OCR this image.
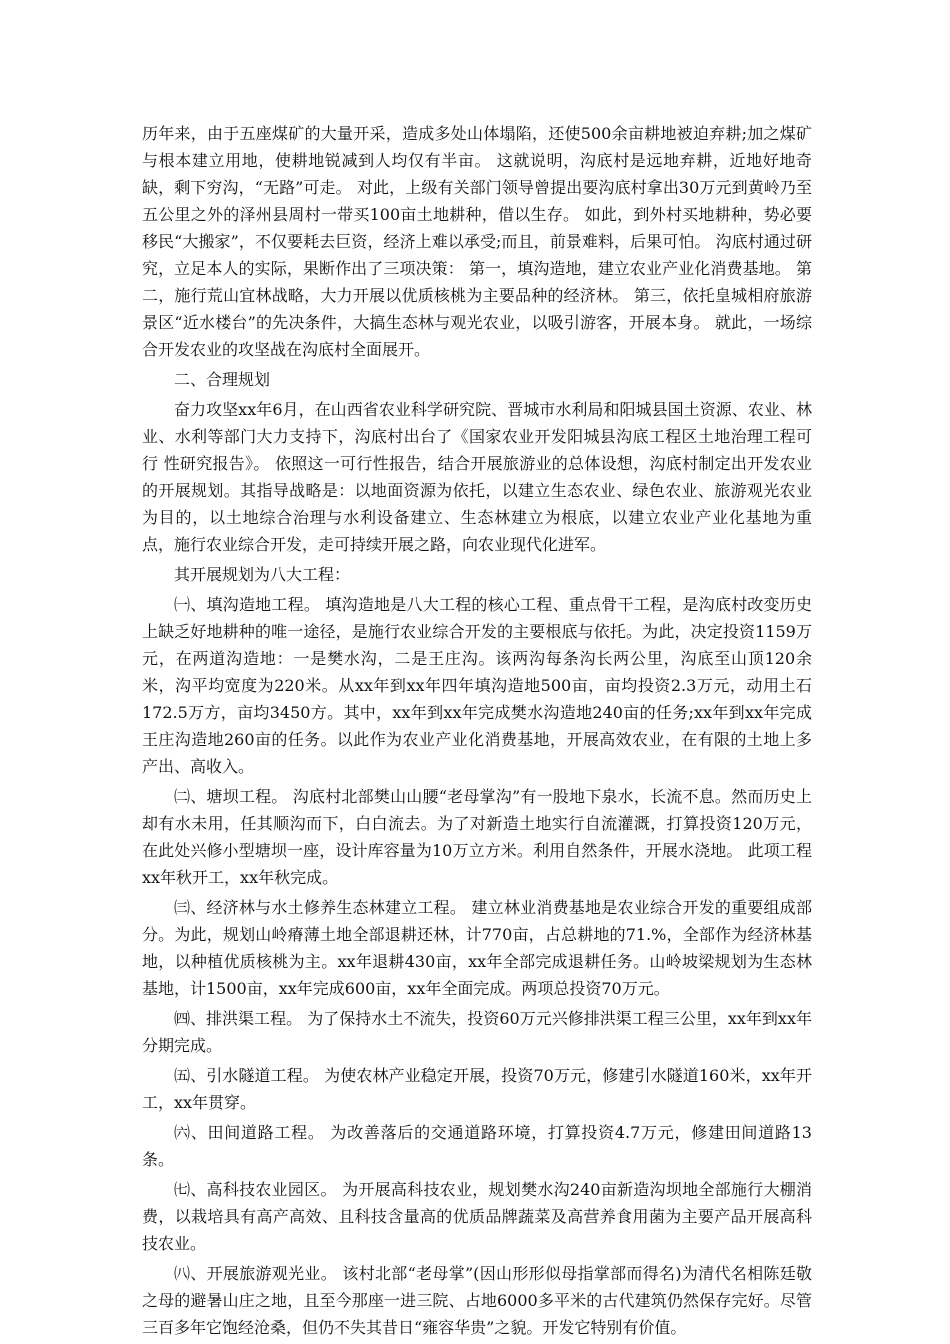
历年来，由于五座煤矿的大量开采，造成多处山体塌陷，还使500余亩耕地被迫弃耕;加之煤矿与根本建立用地，使耕地锐减到人均仅有半亩。 这就说明，沟底村是远地弃耕，近地好地奇缺，剩下穷沟，“无路”可走。 对此，上级有关部门领导曾提出要沟底村拿出30万元到黄岭乃至五公里之外的泽州县周村一带买100亩土地耕种，借以生存。 如此，到外村买地耕种，势必要移民“大搬家”，不仅要耗去巨资，经济上难以承受;而且，前景难料，后果可怕。 沟底村通过研究，立足本人的实际，果断作出了三项决策： 第一，填沟造地，建立农业产业化消费基地。 第二，施行荒山宜林战略，大力开展以优质核桃为主要品种的经济林。 第三，依托皇城相府旅游景区“近水楼台”的先决条件，大搞生态林与观光农业，以吸引游客，开展本身。 就此，一场综合开发农业的攻坚战在沟底村全面展开。

二、合理规划

奋力攻坚xx年6月，在山西省农业科学研究院、晋城市水利局和阳城县国土资源、农业、林业、水利等部门大力支持下，沟底村出台了《国家农业开发阳城县沟底工程区土地治理工程可行 性研究报告》。 依照这一可行性报告，结合开展旅游业的总体设想，沟底村制定出开发农业的开展规划。其指导战略是：以地面资源为依托，以建立生态农业、绿色农业、旅游观光农业为目的，以土地综合治理与水利设备建立、生态林建立为根底，以建立农业产业化基地为重点，施行农业综合开发，走可持续开展之路，向农业现代化进军。

其开展规划为八大工程：

㈠、填沟造地工程。 填沟造地是八大工程的核心工程、重点骨干工程，是沟底村改变历史上缺乏好地耕种的唯一途径，是施行农业综合开发的主要根底与依托。为此，决定投资1159万元，在两道沟造地：一是樊水沟，二是王庄沟。该两沟每条沟长两公里，沟底至山顶120余米，沟平均宽度为220米。从xx年到xx年四年填沟造地500亩，亩均投资2.3万元，动用土石172.5万方，亩均3450方。其中，xx年到xx年完成樊水沟造地240亩的任务;xx年到xx年完成王庄沟造地260亩的任务。以此作为农业产业化消费基地，开展高效农业，在有限的土地上多产出、高收入。

㈡、塘坝工程。 沟底村北部樊山山腰“老母掌沟”有一股地下泉水，长流不息。然而历史上却有水未用，任其顺沟而下，白白流去。为了对新造土地实行自流灌溉，打算投资120万元，在此处兴修小型塘坝一座，设计库容量为10万立方米。利用自然条件，开展水浇地。 此项工程xx年秋开工，xx年秋完成。

㈢、经济林与水土修养生态林建立工程。 建立林业消费基地是农业综合开发的重要组成部分。为此，规划山岭瘠薄土地全部退耕还林，计770亩，占总耕地的71.%，全部作为经济林基地，以种植优质核桃为主。xx年退耕430亩，xx年全部完成退耕任务。山岭坡梁规划为生态林基地，计1500亩，xx年完成600亩，xx年全面完成。两项总投资70万元。

㈣、排洪渠工程。 为了保持水土不流失，投资60万元兴修排洪渠工程三公里，xx年到xx年分期完成。

㈤、引水隧道工程。 为使农林产业稳定开展，投资70万元，修建引水隧道160米，xx年开工，xx年贯穿。

㈥、田间道路工程。 为改善落后的交通道路环境，打算投资4.7万元，修建田间道路13条。

㈦、高科技农业园区。 为开展高科技农业，规划樊水沟240亩新造沟坝地全部施行大棚消费，以栽培具有高产高效、且科技含量高的优质品牌蔬菜及高营养食用菌为主要产品开展高科技农业。

㈧、开展旅游观光业。 该村北部“老母掌”(因山形形似母指掌部而得名)为清代名相陈廷敬之母的避暑山庄之地，且至今那座一进三院、占地6000多平米的古代建筑仍然保存完好。尽管三百多年它饱经沧桑，但仍不失其昔日“雍容华贵”之貌。开发它特别有价值。
